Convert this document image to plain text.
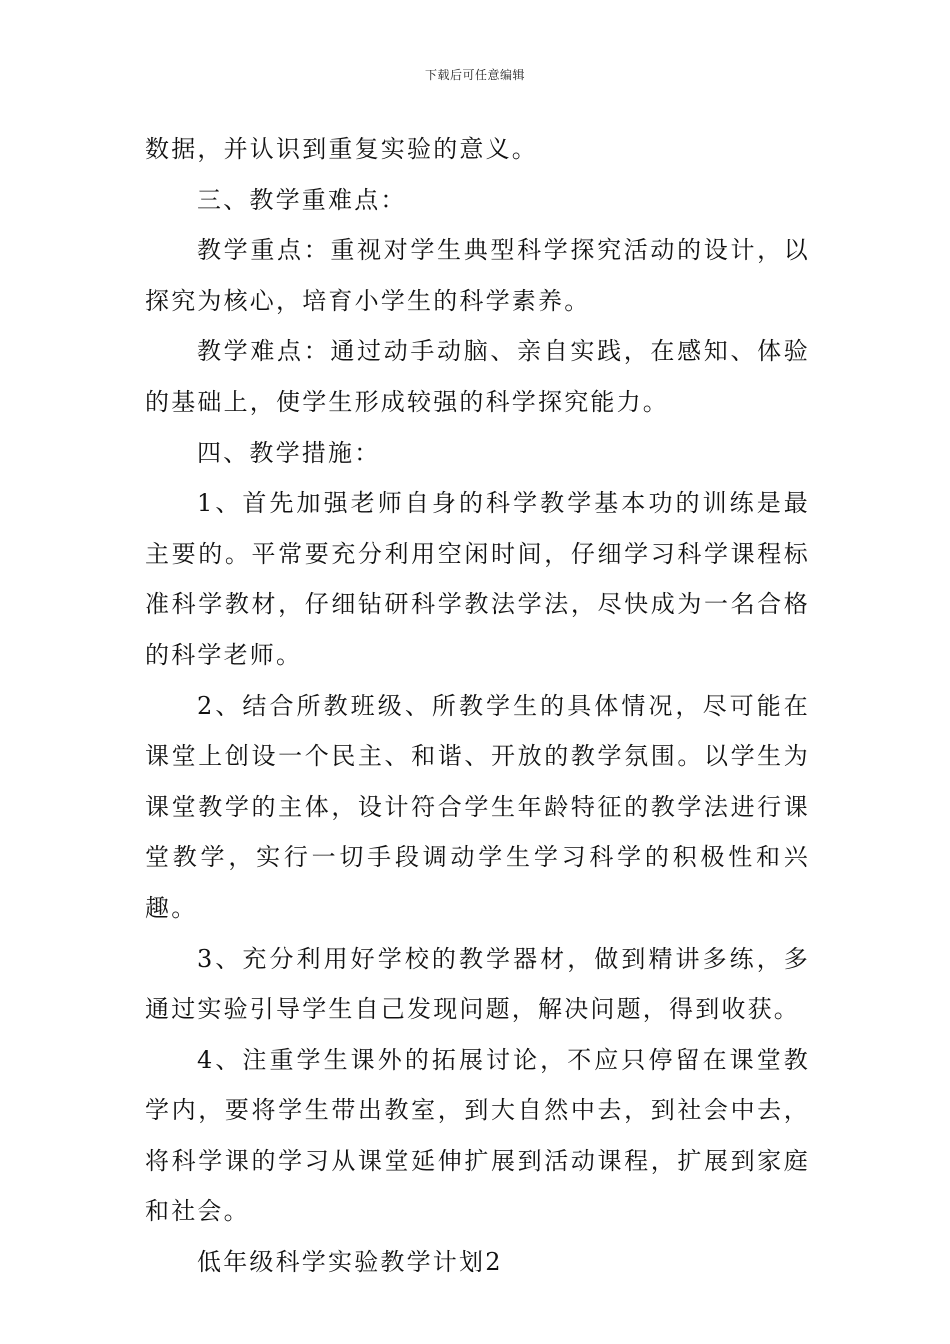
下载后可任意编辑

数据，并认识到重复实验的意义。

三、教学重难点：

教学重点：重视对学生典型科学探究活动的设计，以探究为核心，培育小学生的科学素养。

教学难点：通过动手动脑、亲自实践，在感知、体验的基础上，使学生形成较强的科学探究能力。

四、教学措施：

1、首先加强老师自身的科学教学基本功的训练是最主要的。平常要充分利用空闲时间，仔细学习科学课程标准科学教材，仔细钻研科学教法学法，尽快成为一名合格的科学老师。

2、结合所教班级、所教学生的具体情况，尽可能在课堂上创设一个民主、和谐、开放的教学氛围。以学生为课堂教学的主体，设计符合学生年龄特征的教学法进行课堂教学，实行一切手段调动学生学习科学的积极性和兴趣。

3、充分利用好学校的教学器材，做到精讲多练，多通过实验引导学生自己发现问题，解决问题，得到收获。

4、注重学生课外的拓展讨论，不应只停留在课堂教学内，要将学生带出教室，到大自然中去，到社会中去，将科学课的学习从课堂延伸扩展到活动课程，扩展到家庭和社会。

低年级科学实验教学计划2
